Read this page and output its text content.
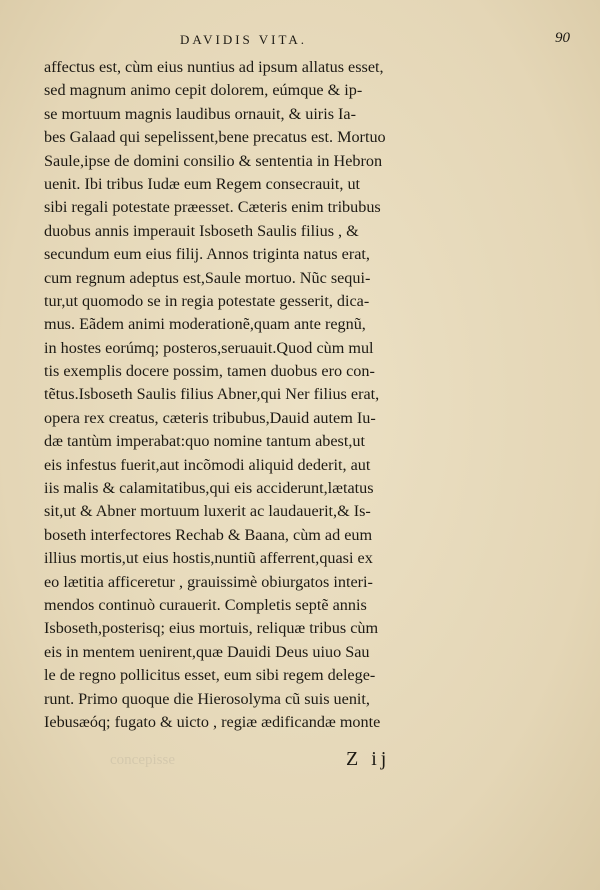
DAVIDIS VITA.	90
affectus est, cùm eius nuntius ad ipsum allatus esset,
sed magnum animo cepit dolorem, eúmque & ip-
se mortuum magnis laudibus ornauit, & uiris Ia-
bes Galaad qui sepelissent,bene precatus est. Mortuo
Saule,ipse de domini consilio & sententia in Hebron
uenit. Ibi tribus Iudæ eum Regem consecrauit, ut
sibi regali potestate præesset. Cæteris enim tribubus
duobus annis imperauit Isboseth Saulis filius , &
secundum eum eius filij. Annos triginta natus erat,
cum regnum adeptus est,Saule mortuo. Nũc sequi-
tur,ut quomodo se in regia potestate gesserit, dica-
mus. Eãdem animi moderationẽ,quam ante regnũ,
in hostes eorúmq; posteros,seruauit.Quod cùm mul
tis exemplis docere possim, tamen duobus ero con-
tẽtus.Isboseth Saulis filius Abner,qui Ner filius erat,
opera rex creatus, cæteris tribubus,Dauid autem Iu-
dæ tantùm imperabat:quo nomine tantum abest,ut
eis infestus fuerit,aut incõmodi aliquid dederit, aut
iis malis & calamitatibus,qui eis acciderunt,lætatus
sit,ut & Abner mortuum luxerit ac laudauerit,& Is-
boseth interfectores Rechab & Baana, cùm ad eum
illius mortis,ut eius hostis,nuntiũ afferrent,quasi ex
eo lætitia afficeretur , grauissimè obiurgatos interi-
mendos continuò curauerit. Completis septẽ annis
Isboseth,posterisq; eius mortuis, reliquæ tribus cùm
eis in mentem uenirent,quæ Dauidi Deus uiuo Sau
le de regno pollicitus esset, eum sibi regem delege-
runt. Primo quoque die Hierosolyma cũ suis uenit,
Iebusæóq; fugato & uicto , regiæ ædificandæ monte
concepisse	Z ij
